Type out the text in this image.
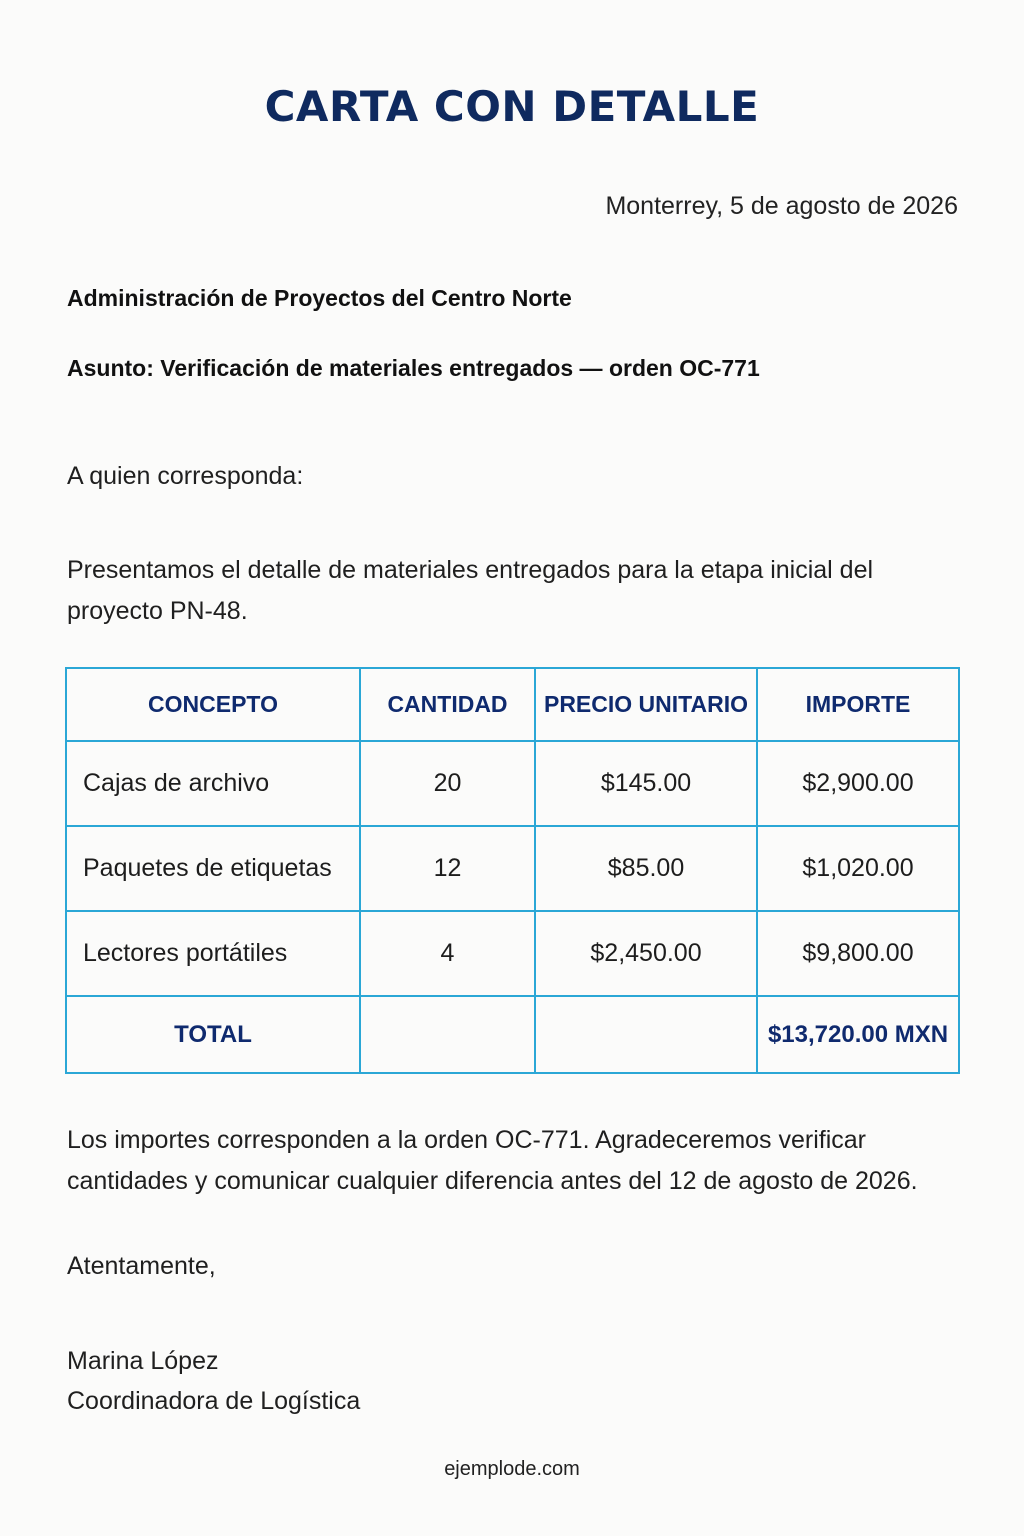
CARTA CON DETALLE
Monterrey, 5 de agosto de 2026
Administración de Proyectos del Centro Norte
Asunto: Verificación de materiales entregados — orden OC-771
A quien corresponda:
Presentamos el detalle de materiales entregados para la etapa inicial del proyecto PN-48.
CONCEPTO	CANTIDAD	PRECIO UNITARIO	IMPORTE
Cajas de archivo	20	$145.00	$2,900.00
Paquetes de etiquetas	12	$85.00	$1,020.00
Lectores portátiles	4	$2,450.00	$9,800.00
TOTAL			$13,720.00 MXN
Los importes corresponden a la orden OC-771. Agradeceremos verificar cantidades y comunicar cualquier diferencia antes del 12 de agosto de 2026.
Atentamente,
Marina López
Coordinadora de Logística
ejemplode.com
